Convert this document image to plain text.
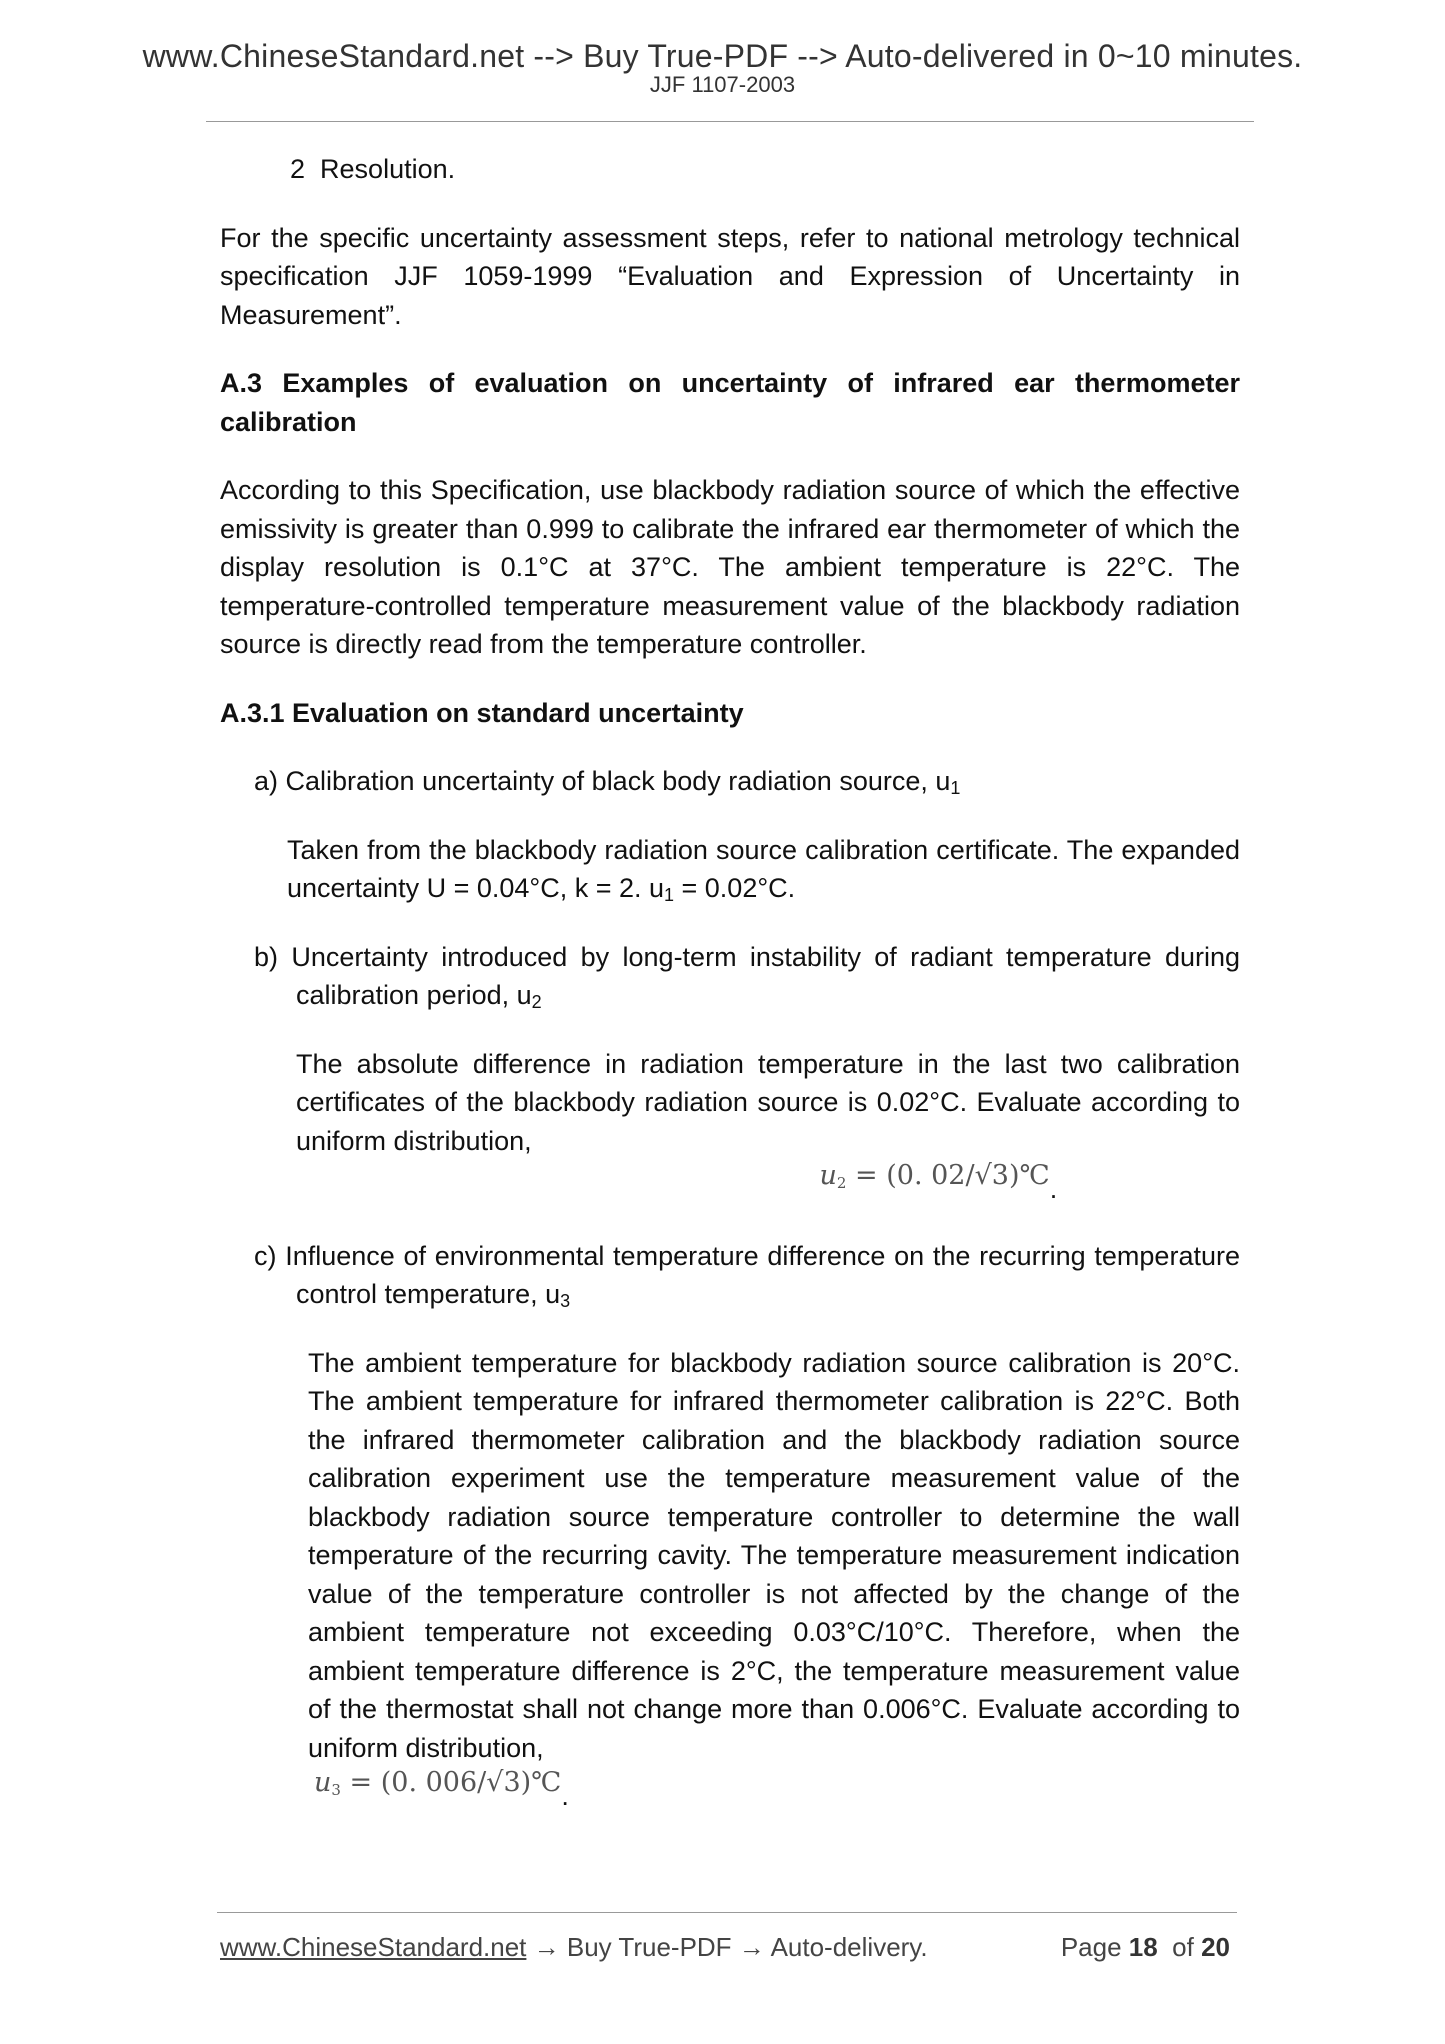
www.ChineseStandard.net --> Buy True-PDF --> Auto-delivered in 0~10 minutes.
JJF 1107-2003

2 Resolution.

For the specific uncertainty assessment steps, refer to national metrology technical specification JJF 1059-1999 “Evaluation and Expression of Uncertainty in Measurement”.

A.3 Examples of evaluation on uncertainty of infrared ear thermometer calibration

According to this Specification, use blackbody radiation source of which the effective emissivity is greater than 0.999 to calibrate the infrared ear thermometer of which the display resolution is 0.1°C at 37°C. The ambient temperature is 22°C. The temperature-controlled temperature measurement value of the blackbody radiation source is directly read from the temperature controller.

A.3.1 Evaluation on standard uncertainty

a) Calibration uncertainty of black body radiation source, $u_1$

Taken from the blackbody radiation source calibration certificate. The expanded uncertainty U = 0.04°C, k = 2. $u_1 = 0.02^\circ C$.

b) Uncertainty introduced by long-term instability of radiant temperature during calibration period, $u_2$

The absolute difference in radiation temperature in the last two calibration certificates of the blackbody radiation source is 0.02°C. Evaluate according to uniform distribution,

u2 = (0. 02/√3)℃.

c) Influence of environmental temperature difference on the recurring temperature control temperature, $u_3$

The ambient temperature for blackbody radiation source calibration is 20°C. The ambient temperature for infrared thermometer calibration is 22°C. Both the infrared thermometer calibration and the blackbody radiation source calibration experiment use the temperature measurement value of the blackbody radiation source temperature controller to determine the wall temperature of the recurring cavity. The temperature measurement indication value of the temperature controller is not affected by the change of the ambient temperature not exceeding 0.03°C/10°C. Therefore, when the ambient temperature difference is 2°C, the temperature measurement value of the thermostat shall not change more than 0.006°C. Evaluate according to uniform distribution,

u3 = (0. 006/√3)℃.

www.ChineseStandard.net → Buy True-PDF → Auto-delivery.	Page 18 of 20
